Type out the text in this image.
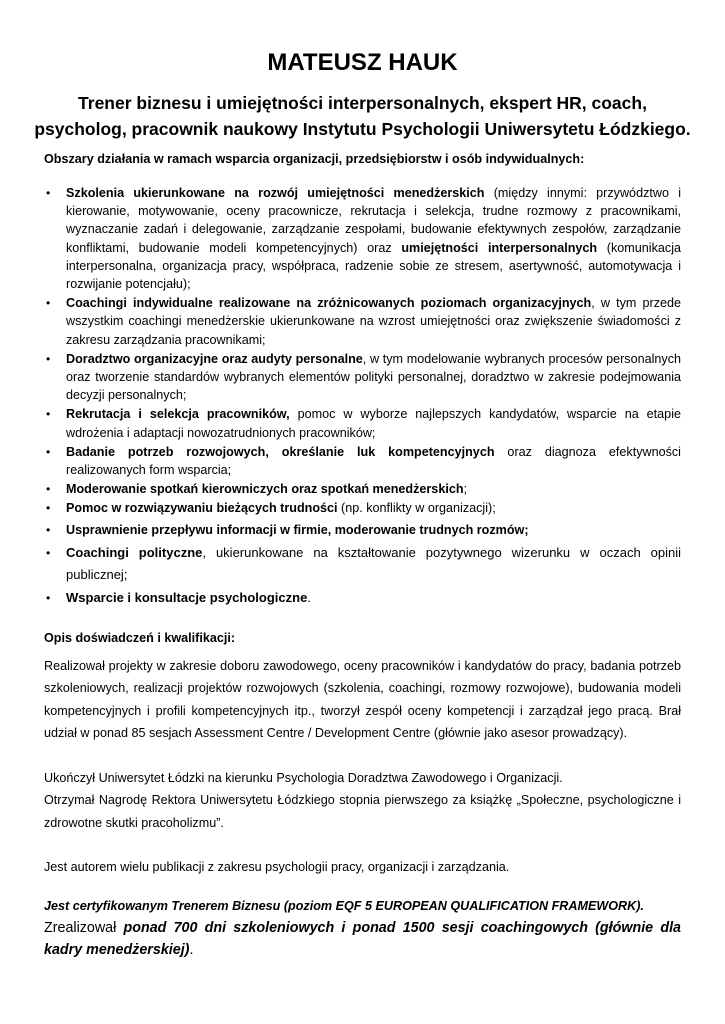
MATEUSZ HAUK
Trener biznesu i umiejętności interpersonalnych, ekspert HR, coach,
psycholog, pracownik naukowy Instytutu Psychologii Uniwersytetu Łódzkiego.

Obszary działania w ramach wsparcia organizacji, przedsiębiorstw i osób indywidualnych:

• Szkolenia ukierunkowane na rozwój umiejętności menedżerskich (między innymi: przywództwo i kierowanie, motywowanie, oceny pracownicze, rekrutacja i selekcja, trudne rozmowy z pracownikami, wyznaczanie zadań i delegowanie, zarządzanie zespołami, budowanie efektywnych zespołów, zarządzanie konfliktami, budowanie modeli kompetencyjnych) oraz umiejętności interpersonalnych (komunikacja interpersonalna, organizacja pracy, współpraca, radzenie sobie ze stresem, asertywność, automotywacja i rozwijanie potencjału);
• Coachingi indywidualne realizowane na zróżnicowanych poziomach organizacyjnych, w tym przede wszystkim coachingi menedżerskie ukierunkowane na wzrost umiejętności oraz zwiększenie świadomości z zakresu zarządzania pracownikami;
• Doradztwo organizacyjne oraz audyty personalne, w tym modelowanie wybranych procesów personalnych oraz tworzenie standardów wybranych elementów polityki personalnej, doradztwo w zakresie podejmowania decyzji personalnych;
• Rekrutacja i selekcja pracowników, pomoc w wyborze najlepszych kandydatów, wsparcie na etapie wdrożenia i adaptacji nowozatrudnionych pracowników;
• Badanie potrzeb rozwojowych, określanie luk kompetencyjnych oraz diagnoza efektywności realizowanych form wsparcia;
• Moderowanie spotkań kierowniczych oraz spotkań menedżerskich;
• Pomoc w rozwiązywaniu bieżących trudności (np. konflikty w organizacji);
• Usprawnienie przepływu informacji w firmie, moderowanie trudnych rozmów;
• Coachingi polityczne, ukierunkowane na kształtowanie pozytywnego wizerunku w oczach opinii publicznej;
• Wsparcie i konsultacje psychologiczne.

Opis doświadczeń i kwalifikacji:

Realizował projekty w zakresie doboru zawodowego, oceny pracowników i kandydatów do pracy, badania potrzeb szkoleniowych, realizacji projektów rozwojowych (szkolenia, coachingi, rozmowy rozwojowe), budowania modeli kompetencyjnych i profili kompetencyjnych itp., tworzył zespół oceny kompetencji i zarządzał jego pracą. Brał udział w ponad 85 sesjach Assessment Centre / Development Centre (głównie jako asesor prowadzący).

Ukończył Uniwersytet Łódzki na kierunku Psychologia Doradztwa Zawodowego i Organizacji.

Otrzymał Nagrodę Rektora Uniwersytetu Łódzkiego stopnia pierwszego za książkę „Społeczne, psychologiczne i zdrowotne skutki pracoholizmu”.

Jest autorem wielu publikacji z zakresu psychologii pracy, organizacji i zarządzania.

Jest certyfikowanym Trenerem Biznesu (poziom EQF 5 EUROPEAN QUALIFICATION FRAMEWORK).

Zrealizował ponad 700 dni szkoleniowych i ponad 1500 sesji coachingowych (głównie dla kadry menedżerskiej).
